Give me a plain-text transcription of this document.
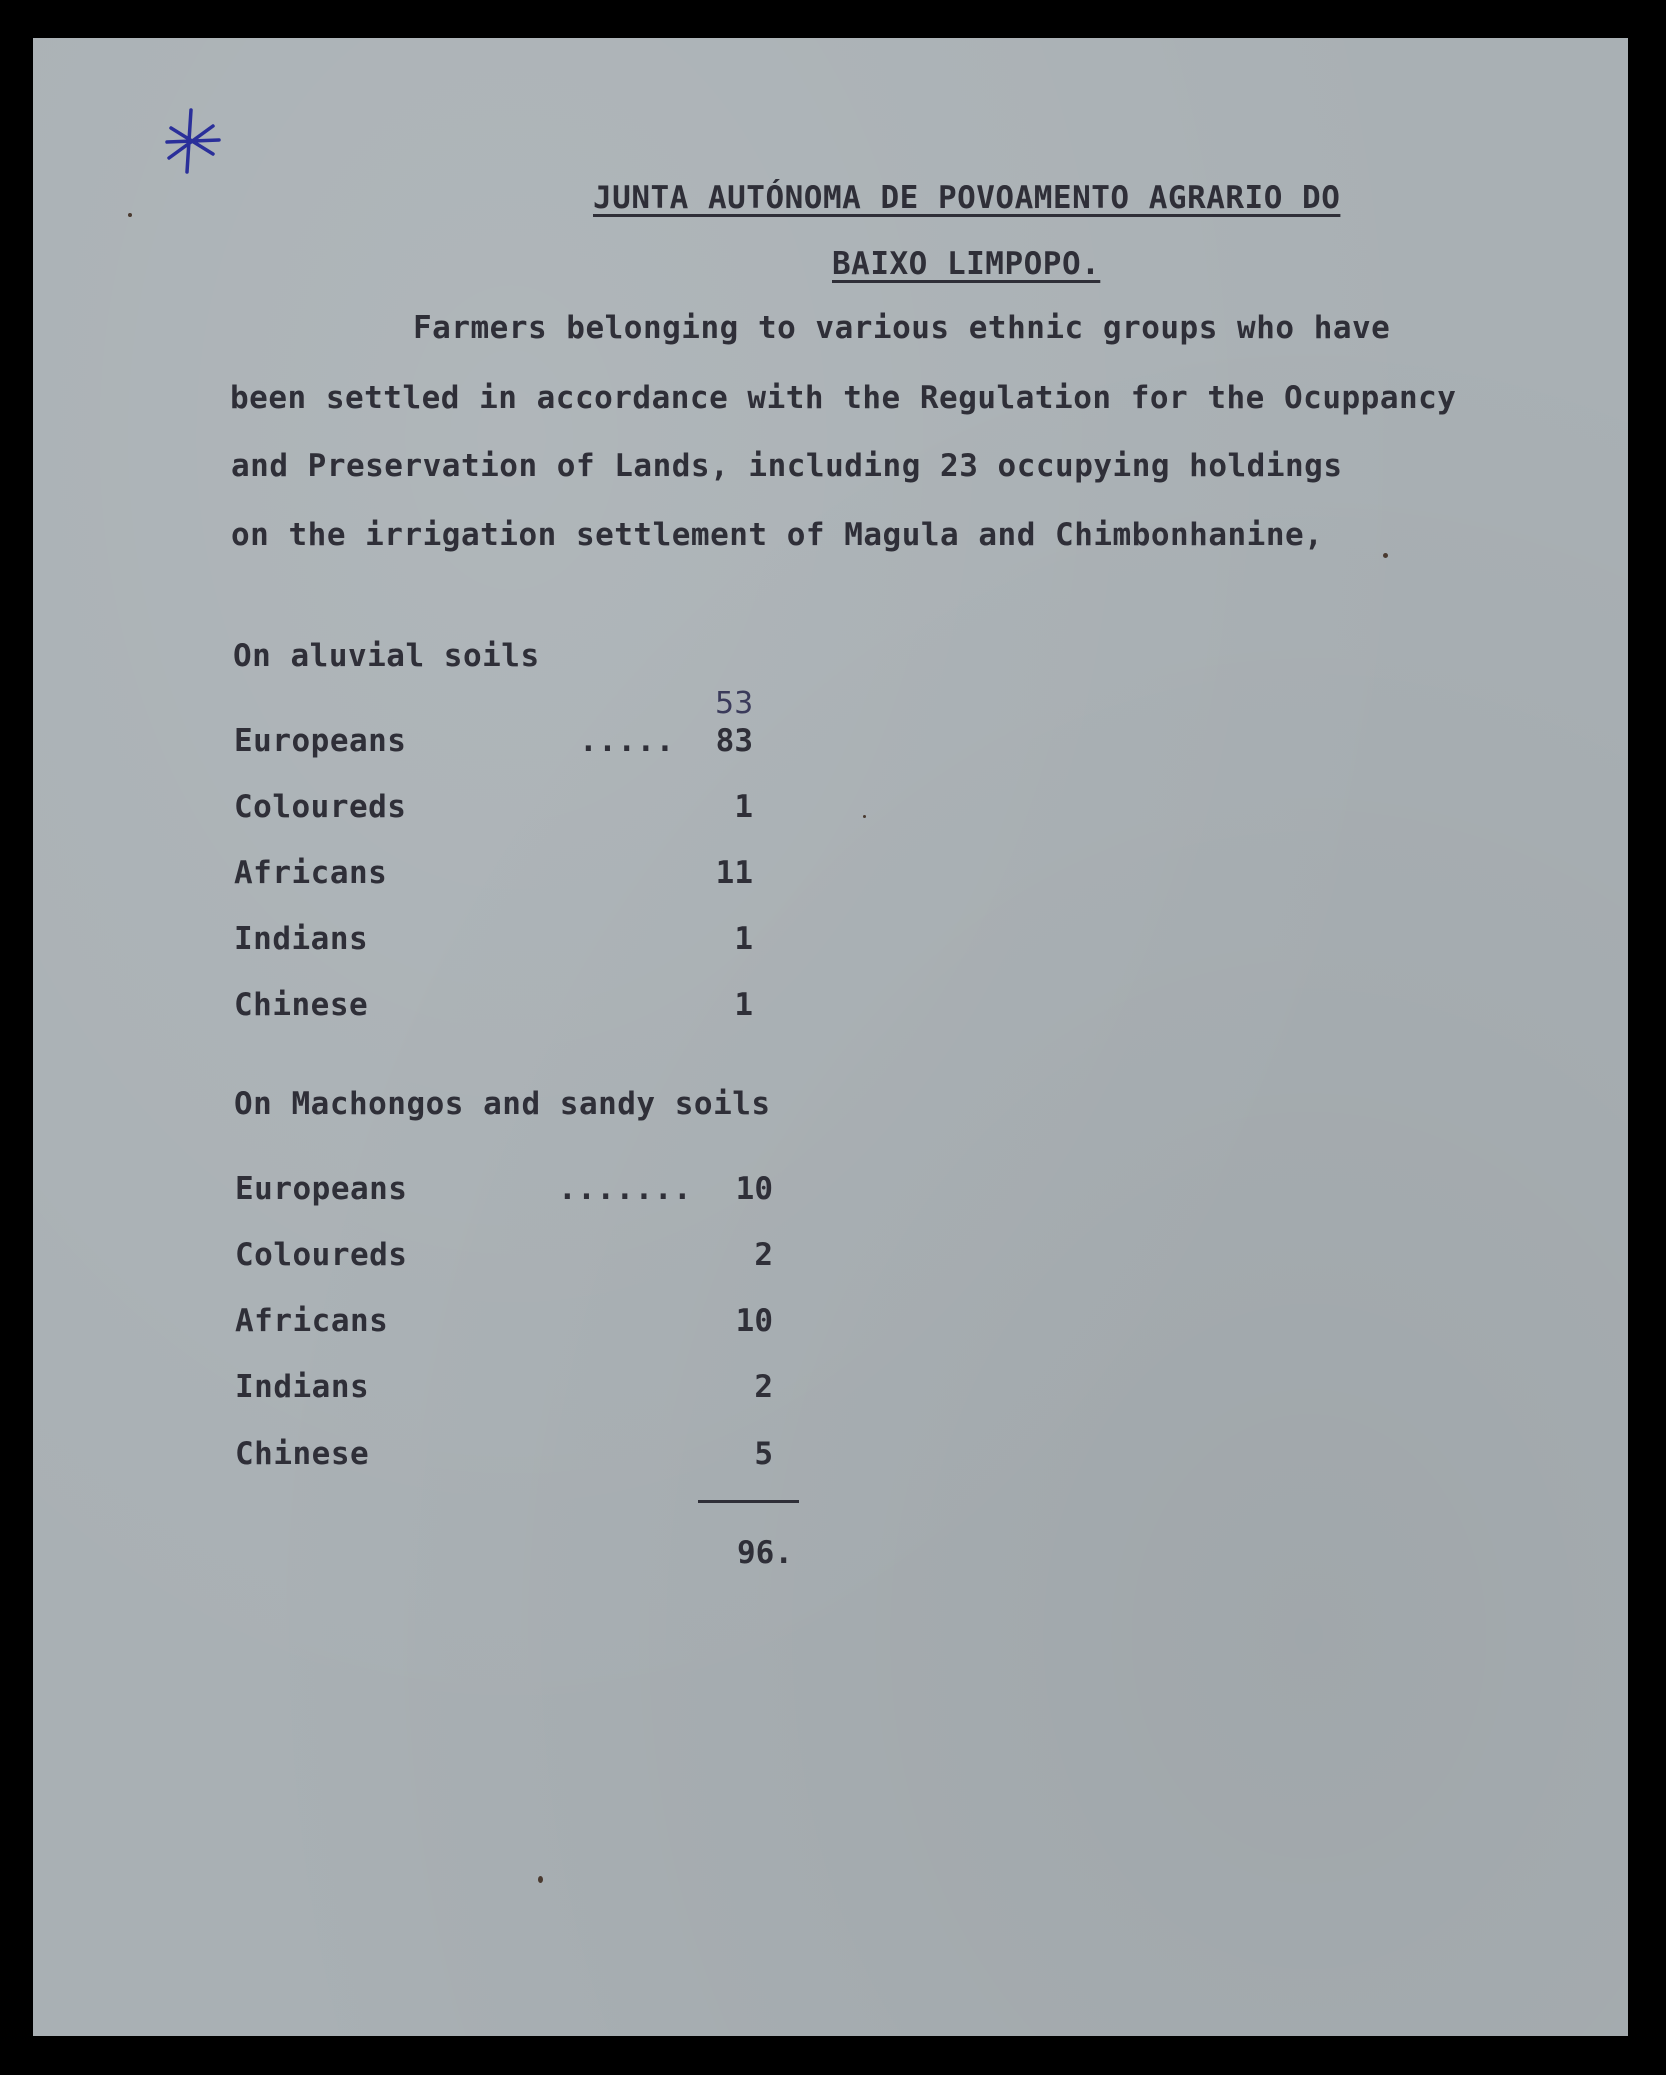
JUNTA AUTÓNOMA DE POVOAMENTO AGRARIO DO
BAIXO LIMPOPO.
Farmers belonging to various ethnic groups who have
been settled in accordance with the Regulation for the Ocuppancy
and Preservation of Lands, including 23 occupying holdings
on the irrigation settlement of Magula and Chimbonhanine,
On aluvial soils
53
Europeans	.....	83
Coloureds	1
Africans	11
Indians	1
Chinese	1
On Machongos and sandy soils
Europeans	.......	10
Coloureds	2
Africans	10
Indians	2
Chinese	5
96.
